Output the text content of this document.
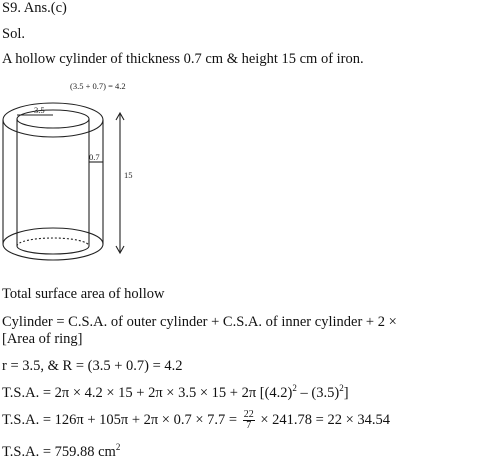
S9. Ans.(c)
Sol.
A hollow cylinder of thickness 0.7 cm & height 15 cm of iron.
(3.5 + 0.7) = 4.2
3.5
0.7
15
Total surface area of hollow
Cylinder = C.S.A. of outer cylinder + C.S.A. of inner cylinder + 2 ×
[Area of ring]
r = 3.5, & R = (3.5 + 0.7) = 4.2
T.S.A. = 2π × 4.2 × 15 + 2π × 3.5 × 15 + 2π $[(4.2)^2 - (3.5)^2]$
T.S.A. = $126\pi + 105\pi + 2\pi \times 0.7 \times 7.7 = \frac{22}{7} \times 241.78 = 22 \times 34.54$
T.S.A. = 759.88 $cm^2$
